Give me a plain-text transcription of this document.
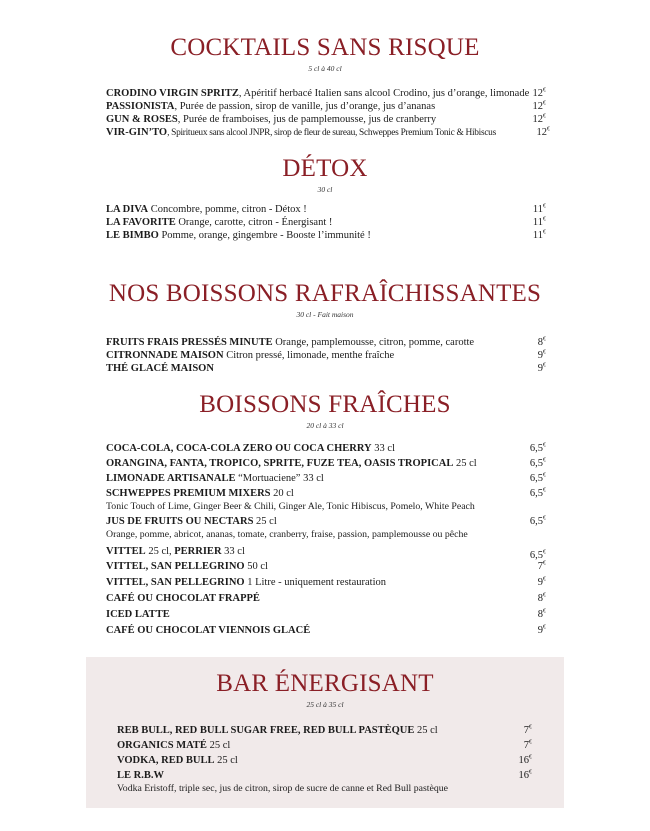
COCKTAILS SANS RISQUE
5 cl à 40 cl
CRODINO VIRGIN SPRITZ, Apéritif herbacé Italien sans alcool Crodino, jus d’orange, limonade 12€
PASSIONISTA, Purée de passion, sirop de vanille, jus d’orange, jus d’ananas	12€
GUN & ROSES, Purée de framboises, jus de pamplemousse, jus de cranberry	12€
VIR-GIN’TO, Spiritueux sans alcool JNPR, sirop de fleur de sureau, Schweppes Premium Tonic & Hibiscus	12€
DÉTOX
30 cl
LA DIVA Concombre, pomme, citron - Détox !	11€
LA FAVORITE Orange, carotte, citron - Énergisant !	11€
LE BIMBO Pomme, orange, gingembre - Booste l’immunité !	11€
NOS BOISSONS RAFRAÎCHISSANTES
30 cl - Fait maison
FRUITS FRAIS PRESSÉS MINUTE Orange, pamplemousse, citron, pomme, carotte	8€
CITRONNADE MAISON Citron pressé, limonade, menthe fraîche	9€
THÉ GLACÉ MAISON	9€
BOISSONS FRAÎCHES
20 cl à 33 cl
COCA-COLA, COCA-COLA ZERO OU COCA CHERRY 33 cl	6,5€
ORANGINA, FANTA, TROPICO, SPRITE, FUZE TEA, OASIS TROPICAL 25 cl	6,5€
LIMONADE ARTISANALE “Mortuaciene” 33 cl	6,5€
SCHWEPPES PREMIUM MIXERS 20 cl	6,5€
Tonic Touch of Lime, Ginger Beer & Chili, Ginger Ale, Tonic Hibiscus, Pomelo, White Peach
JUS DE FRUITS OU NECTARS 25 cl	6,5€
Orange, pomme, abricot, ananas, tomate, cranberry, fraise, passion, pamplemousse ou pêche
VITTEL 25 cl, PERRIER 33 cl	6,5€
VITTEL, SAN PELLEGRINO 50 cl	7€
VITTEL, SAN PELLEGRINO 1 Litre - uniquement restauration	9€
CAFÉ OU CHOCOLAT FRAPPÉ	8€
ICED LATTE	8€
CAFÉ OU CHOCOLAT VIENNOIS GLACÉ	9€
BAR ÉNERGISANT
25 cl à 35 cl
REB BULL, RED BULL SUGAR FREE, RED BULL PASTÈQUE 25 cl	7€
ORGANICS MATÉ 25 cl	7€
VODKA, RED BULL 25 cl	16€
LE R.B.W	16€
Vodka Eristoff, triple sec, jus de citron, sirop de sucre de canne et Red Bull pastèque
